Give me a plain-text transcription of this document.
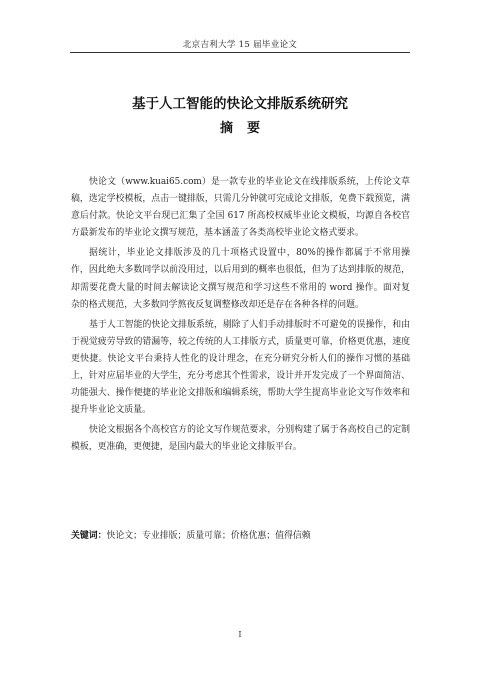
北京吉利大学 15 届毕业论文
基于人工智能的快论文排版系统研究
摘要

快论文（www.kuai65.com）是一款专业的毕业论文在线排版系统，上传论文草稿，选定学校模板，点击一键排版，只需几分钟就可完成论文排版，免费下载预览，满意后付款。快论文平台现已汇集了全国 617 所高校权威毕业论文模板，均源自各校官方最新发布的毕业论文撰写规范，基本涵盖了各类高校毕业论文格式要求。

据统计，毕业论文排版涉及的几十项格式设置中，80%的操作都属于不常用操作，因此绝大多数同学以前没用过，以后用到的概率也很低，但为了达到排版的规范，却需要花费大量的时间去解读论文撰写规范和学习这些不常用的 word 操作。面对复杂的格式规范，大多数同学熬夜反复调整修改却还是存在各种各样的问题。

基于人工智能的快论文排版系统，剔除了人们手动排版时不可避免的误操作，和由于视觉疲劳导致的错漏等，较之传统的人工排版方式，质量更可靠，价格更优惠，速度更快捷。快论文平台秉持人性化的设计理念，在充分研究分析人们的操作习惯的基础上，针对应届毕业的大学生，充分考虑其个性需求，设计并开发完成了一个界面简洁、功能强大、操作便捷的毕业论文排版和编辑系统，帮助大学生提高毕业论文写作效率和提升毕业论文质量。

快论文根据各个高校官方的论文写作规范要求，分别构建了属于各高校自己的定制模板，更准确，更便捷，是国内最大的毕业论文排版平台。

关键词：快论文；专业排版；质量可靠；价格优惠；值得信赖
I
